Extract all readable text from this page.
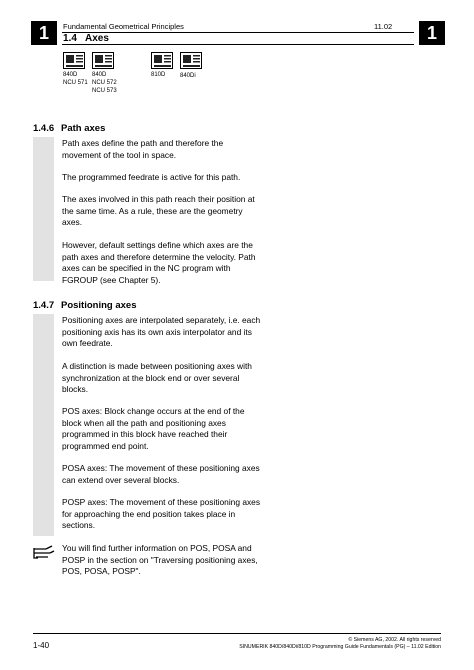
1	1
Fundamental Geometrical Principles	11.02
1.4 Axes
840D
NCU 571
840D
NCU 572
NCU 573
810D	840Di
1.4.6 Path axes
Path axes define the path and therefore the movement of the tool in space.
The programmed feedrate is active for this path.
The axes involved in this path reach their position at the same time. As a rule, these are the geometry axes.
However, default settings define which axes are the path axes and therefore determine the velocity. Path axes can be specified in the NC program with FGROUP (see Chapter 5).
1.4.7 Positioning axes
Positioning axes are interpolated separately, i.e. each positioning axis has its own axis interpolator and its own feedrate.
A distinction is made between positioning axes with synchronization at the block end or over several blocks.
POS axes: Block change occurs at the end of the block when all the path and positioning axes programmed in this block have reached their programmed end point.
POSA axes: The movement of these positioning axes can extend over several blocks.
POSP axes: The movement of these positioning axes for approaching the end position takes place in sections.
You will find further information on POS, POSA and POSP in the section on "Traversing positioning axes, POS, POSA, POSP".
1-40
© Siemens AG, 2002. All rights reserved
SINUMERIK 840D/840Di/810D Programming Guide Fundamentals (PG) – 11.02 Edition
